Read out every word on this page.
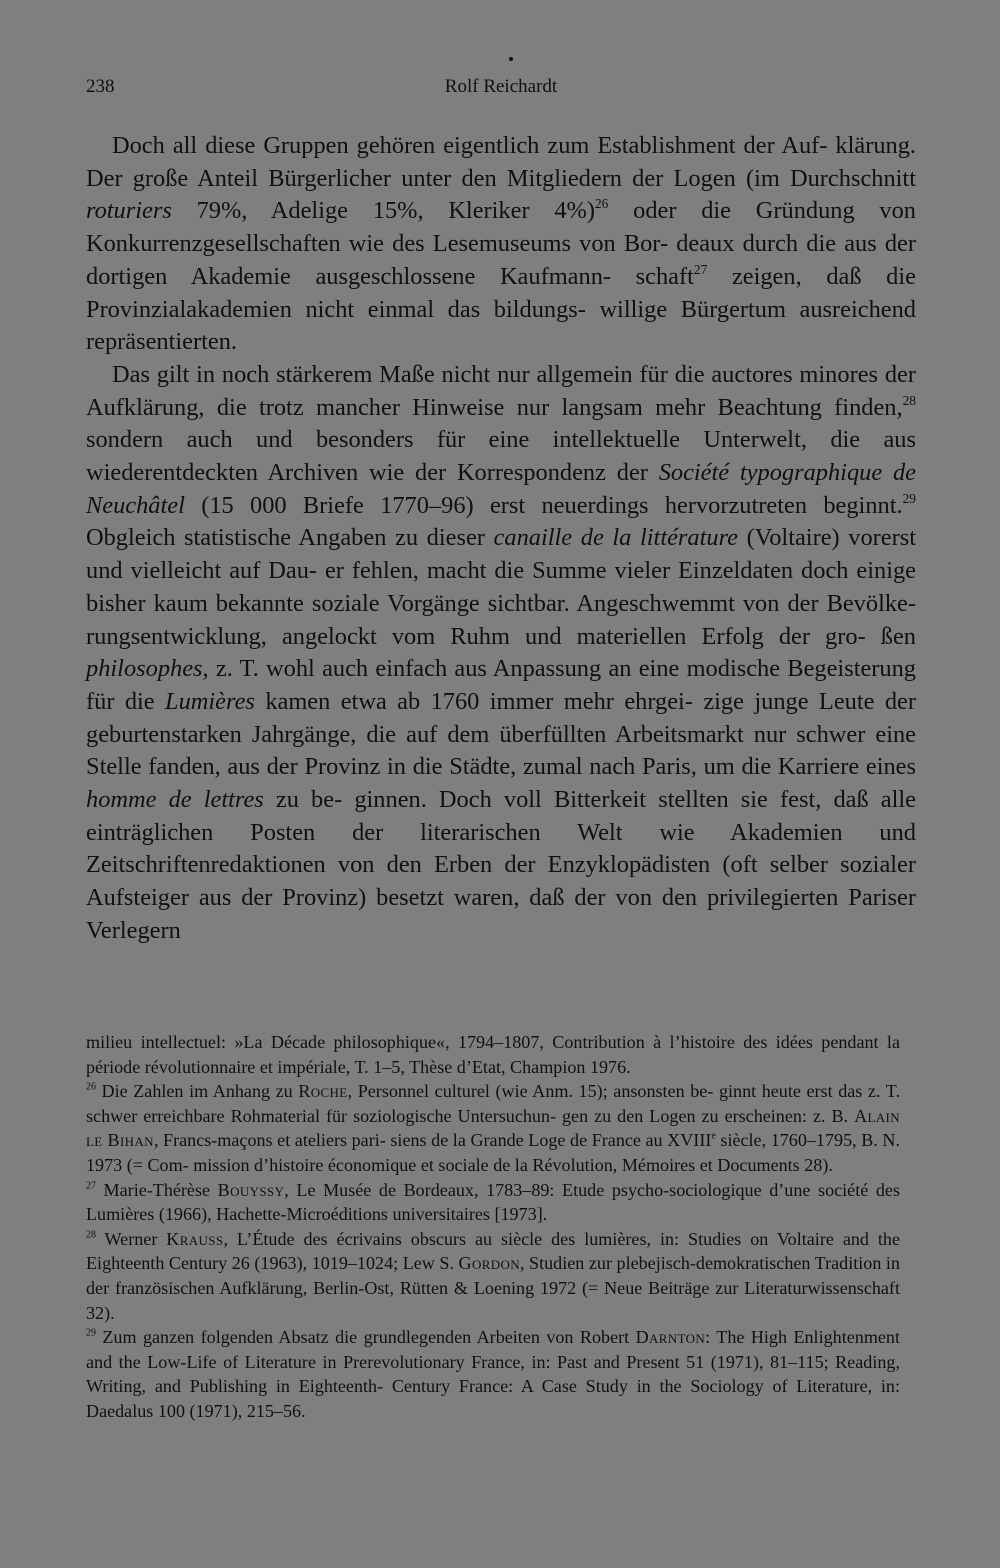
238	Rolf Reichardt

Doch all diese Gruppen gehören eigentlich zum Establishment der Auf- klärung. Der große Anteil Bürgerlicher unter den Mitgliedern der Logen (im Durchschnitt roturiers 79%, Adelige 15%, Kleriker 4%)$^{26}$ oder die Gründung von Konkurrenzgesellschaften wie des Lesemuseums von Bor- deaux durch die aus der dortigen Akademie ausgeschlossene Kaufmann- schaft$^{27}$ zeigen, daß die Provinzialakademien nicht einmal das bildungs- willige Bürgertum ausreichend repräsentierten.

Das gilt in noch stärkerem Maße nicht nur allgemein für die auctores minores der Aufklärung, die trotz mancher Hinweise nur langsam mehr Beachtung finden,$^{28}$ sondern auch und besonders für eine intellektuelle Unterwelt, die aus wiederentdeckten Archiven wie der Korrespondenz der Société typographique de Neuchâtel (15 000 Briefe 1770–96) erst neuerdings hervorzutreten beginnt.$^{29}$ Obgleich statistische Angaben zu dieser canaille de la littérature (Voltaire) vorerst und vielleicht auf Dau- er fehlen, macht die Summe vieler Einzeldaten doch einige bisher kaum bekannte soziale Vorgänge sichtbar. Angeschwemmt von der Bevölke- rungsentwicklung, angelockt vom Ruhm und materiellen Erfolg der gro- ßen philosophes, z. T. wohl auch einfach aus Anpassung an eine modische Begeisterung für die Lumières kamen etwa ab 1760 immer mehr ehrgei- zige junge Leute der geburtenstarken Jahrgänge, die auf dem überfüllten Arbeitsmarkt nur schwer eine Stelle fanden, aus der Provinz in die Städte, zumal nach Paris, um die Karriere eines homme de lettres zu be- ginnen. Doch voll Bitterkeit stellten sie fest, daß alle einträglichen Posten der literarischen Welt wie Akademien und Zeitschriftenredaktionen von den Erben der Enzyklopädisten (oft selber sozialer Aufsteiger aus der Provinz) besetzt waren, daß der von den privilegierten Pariser Verlegern

milieu intellectuel: »La Décade philosophique«, 1794–1807, Contribution à l’histoire des idées pendant la période révolutionnaire et impériale, T. 1–5, Thèse d’Etat, Champion 1976.

$^{26}$ Die Zahlen im Anhang zu Roche, Personnel culturel (wie Anm. 15); ansonsten be- ginnt heute erst das z. T. schwer erreichbare Rohmaterial für soziologische Untersuchun- gen zu den Logen zu erscheinen: z. B. Alain le Bihan, Francs-maçons et ateliers pari- siens de la Grande Loge de France au XVIIIe siècle, 1760–1795, B. N. 1973 (= Com- mission d’histoire économique et sociale de la Révolution, Mémoires et Documents 28).

$^{27}$ Marie-Thérèse Bouyssy, Le Musée de Bordeaux, 1783–89: Etude psycho-sociologique d’une société des Lumières (1966), Hachette-Microéditions universitaires [1973].

$^{28}$ Werner Krauss, L’Étude des écrivains obscurs au siècle des lumières, in: Studies on Voltaire and the Eighteenth Century 26 (1963), 1019–1024; Lew S. Gordon, Studien zur plebejisch-demokratischen Tradition in der französischen Aufklärung, Berlin-Ost, Rütten & Loening 1972 (= Neue Beiträge zur Literaturwissenschaft 32).

$^{29}$ Zum ganzen folgenden Absatz die grundlegenden Arbeiten von Robert Darnton: The High Enlightenment and the Low-Life of Literature in Prerevolutionary France, in: Past and Present 51 (1971), 81–115; Reading, Writing, and Publishing in Eighteenth- Century France: A Case Study in the Sociology of Literature, in: Daedalus 100 (1971), 215–56.
